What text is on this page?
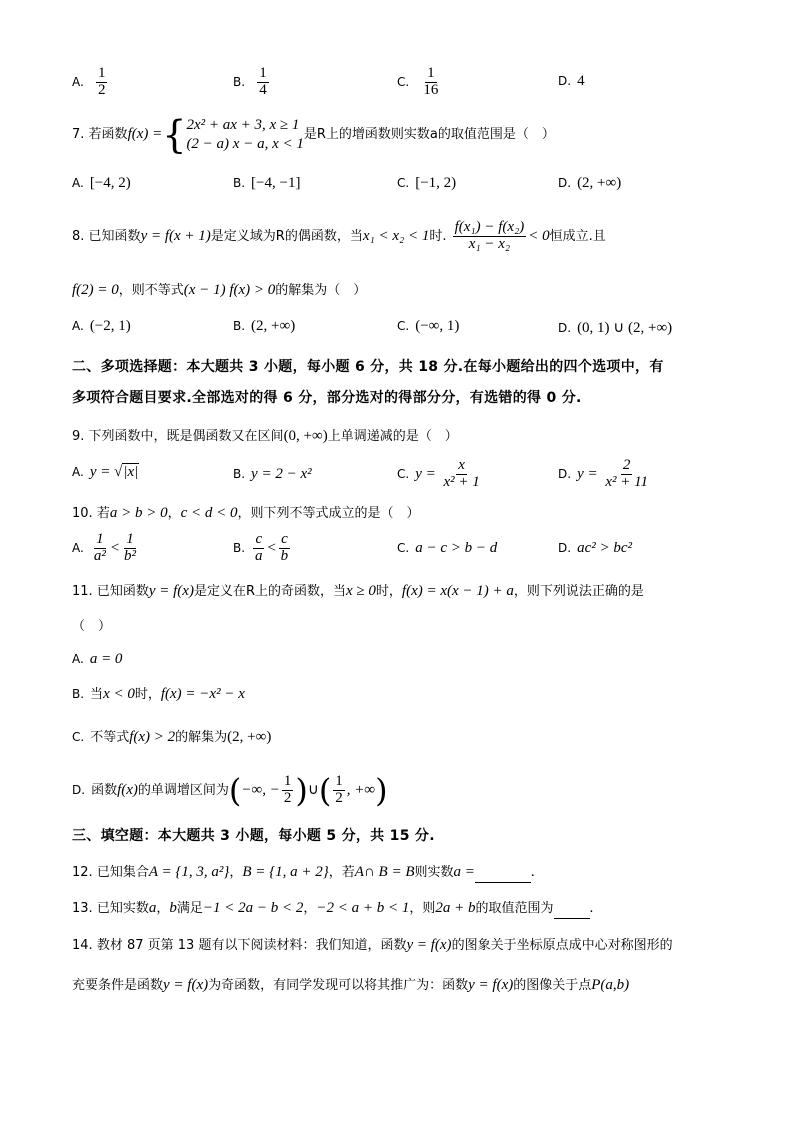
A. $\frac{1}{2}$	B. $\frac{1}{4}$	C. $\frac{1}{16}$	D. 4
7. 若函数f(x) ={ 2x² + ax + 3, x ≥ 1
(2 − a) x − a, x < 1
是R上的增函数则实数a的取值范围是（　）
A. [−4, 2)	B. [−4, −1]	C. [−1, 2)	D. (2, +∞)
8. 已知函数y = f(x + 1)是定义域为R的偶函数，当x₁ < x₂ < 1时. $\frac{\text{f(x₁) − f(x₂)}}{\text{x₁ − x₂}} < 0$恒成立.且
f(2) = 0，则不等式(x − 1) f(x) > 0的解集为（　）
A. (−2, 1)	B. (2, +∞)	C. (−∞, 1)	D. (0, 1) ∪ (2, +∞)
二、多项选择题：本大题共 3 小题，每小题 6 分，共 18 分.在每小题给出的四个选项中，有
多项符合题目要求.全部选对的得 6 分，部分选对的得部分分，有选错的得 0 分.
9. 下列函数中，既是偶函数又在区间(0, +∞)上单调递减的是（　）
A. y = √|x|	B. y = 2 − x²	C. $y = \frac{x}{\text{x² + 1}}$	D. $y = \frac{2}{\text{x² + 11}}$
10. 若a > b > 0，c < d < 0，则下列不等式成立的是（　）
A. $\frac{1}{\text{a²}} < \frac{1}{\text{b²}}$	B. $\frac{c}{a} < \frac{c}{b}$	C. a − c > b − d	D. ac² > bc²
11. 已知函数y = f(x)是定义在R上的奇函数，当x ≥ 0时，f(x) = x(x − 1) + a，则下列说法正确的是
（　）
A. a = 0
B. 当x < 0时，f(x) = −x² − x
C. 不等式f(x) > 2的解集为(2, +∞)
D. 函数f(x)的单调增区间为(−∞, − $\frac{1}{2}$ )∪( $\frac{1}{2}$ , +∞)
三、填空题：本大题共 3 小题，每小题 5 分，共 15 分.
12. 已知集合A = {1, 3, a²}，B = {1, a + 2}，若A∩ B = B则实数a =	.
13. 已知实数a，b满足−1 < 2a − b < 2，−2 < a + b < 1，则2a + b的取值范围为 .
14. 教材 87 页第 13 题有以下阅读材料：我们知道，函数y = f(x)的图象关于坐标原点成中心对称图形的
充要条件是函数y = f(x)为奇函数，有同学发现可以将其推广为：函数y = f(x)的图像关于点P(a,b)
